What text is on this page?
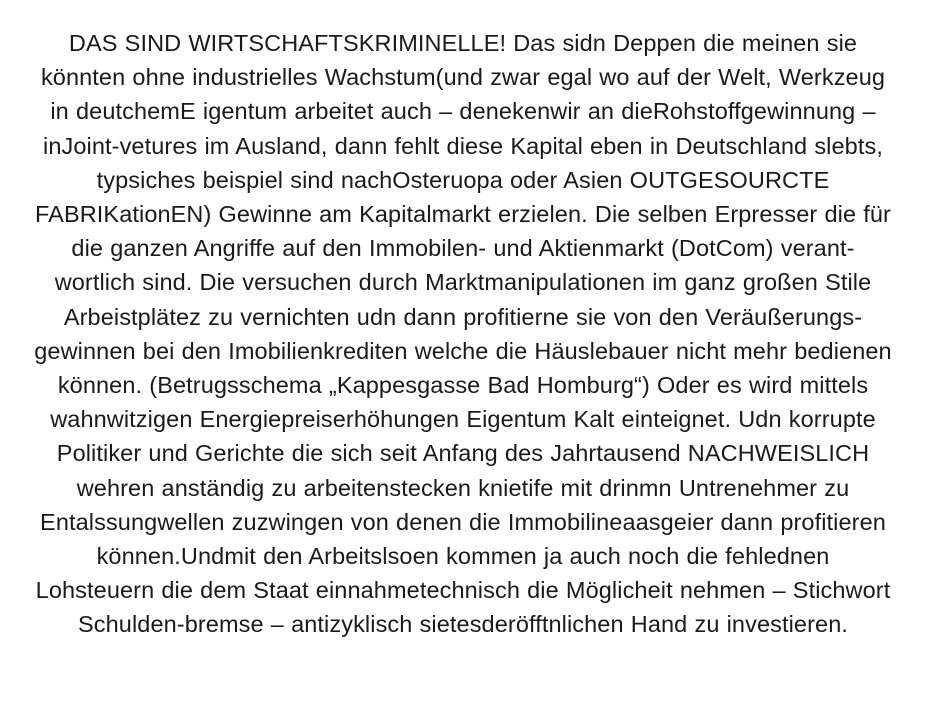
DAS SIND WIRTSCHAFTSKRIMINELLE! Das sidn Deppen die meinen sie könnten ohne industrielles Wachstum(und zwar egal wo auf der Welt, Werkzeug in deutchemE igentum arbeitet auch – denekenwir an dieRohstoffgewinnung – inJoint-vetures im Ausland, dann fehlt diese Kapital eben in Deutschland slebts, typsiches beispiel sind nachOsteruopa oder Asien OUTGESOURCTE FABRIKationEN) Gewinne am Kapitalmarkt erzielen. Die selben Erpresser die für die ganzen Angriffe auf den Immobilen- und Aktienmarkt (DotCom) verant-wortlich sind. Die versuchen durch Marktmanipulationen im ganz großen Stile Arbeistplätez zu vernichten udn dann profitierne sie von den Veräußerungs-gewinnen bei den Imobilienkrediten welche die Häuslebauer nicht mehr bedienen können. (Betrugsschema „Kappesgasse Bad Homburg“) Oder es wird mittels wahnwitzigen Energiepreiserhöhungen Eigentum Kalt einteignet. Udn korrupte Politiker und Gerichte die sich seit Anfang des Jahrtausend NACHWEISLICH wehren anständig zu arbeitenstecken knietife mit drinmn Untrenehmer zu Entalssungwellen zuzwingen von denen die Immobilineaasgeier dann profitieren können.Undmit den Arbeitslsoen kommen ja auch noch die fehlednen Lohsteuern die dem Staat einnahmetechnisch die Möglicheit nehmen – Stichwort Schulden-bremse – antizyklisch sietesderöfftnlichen Hand zu investieren.
